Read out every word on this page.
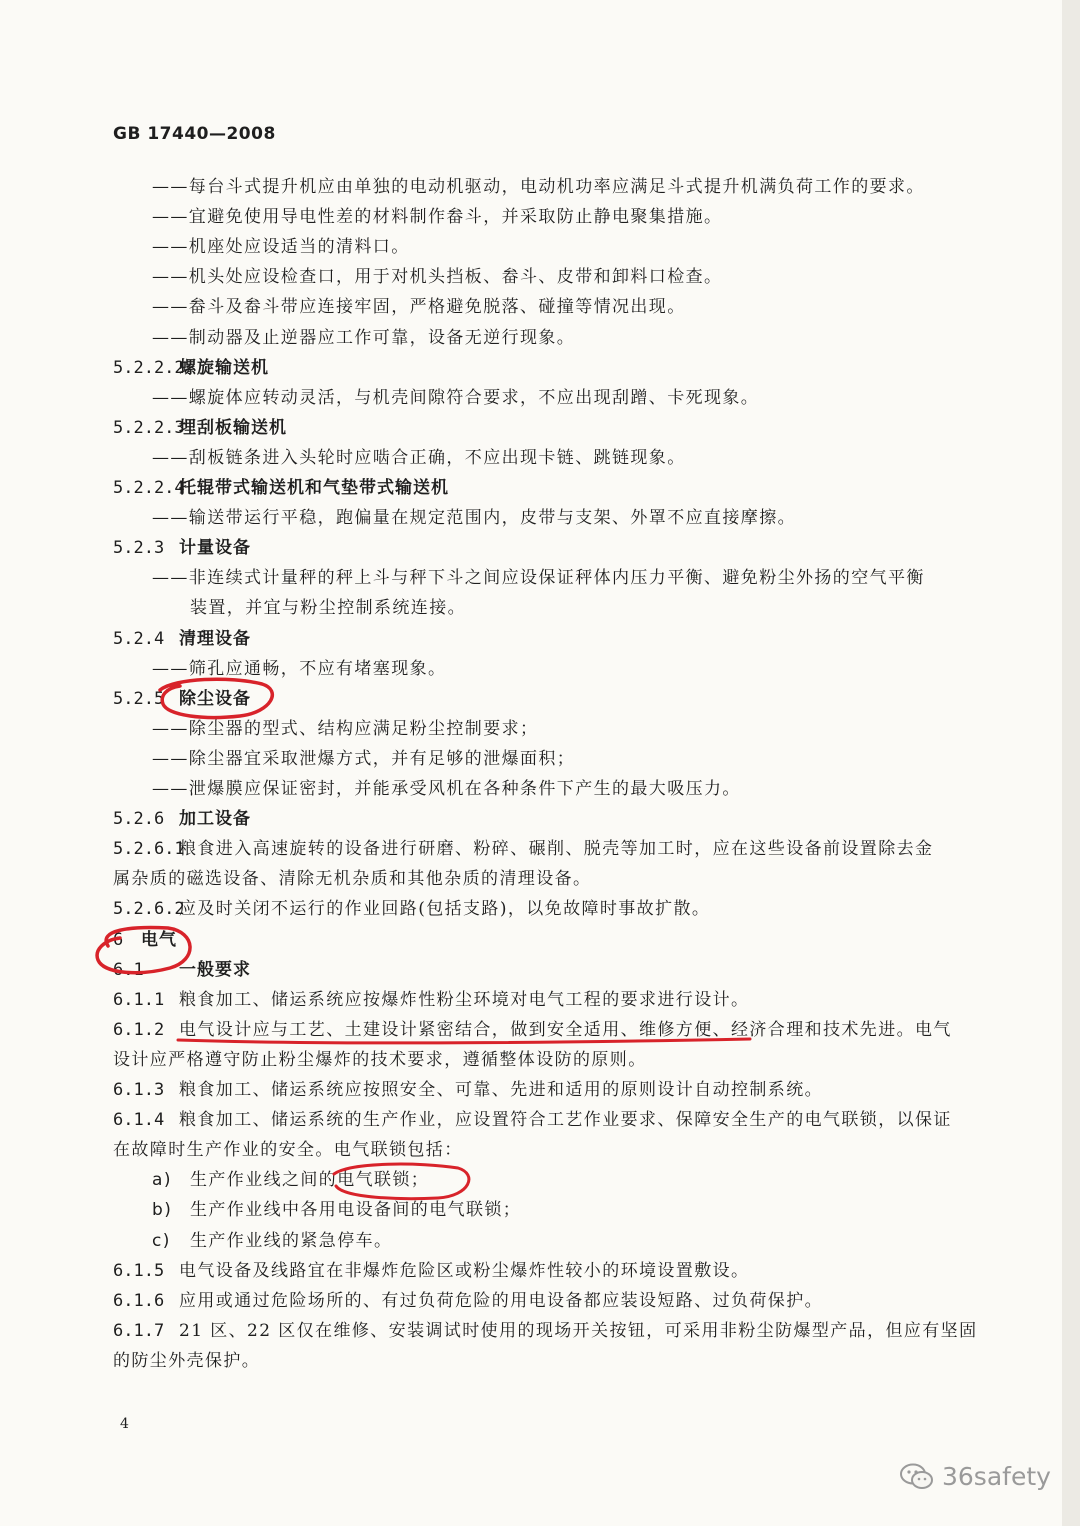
GB 17440—2008
——每台斗式提升机应由单独的电动机驱动，电动机功率应满足斗式提升机满负荷工作的要求。
——宜避免使用导电性差的材料制作畚斗，并采取防止静电聚集措施。
——机座处应设适当的清料口。
——机头处应设检查口，用于对机头挡板、畚斗、皮带和卸料口检查。
——畚斗及畚斗带应连接牢固，严格避免脱落、碰撞等情况出现。
——制动器及止逆器应工作可靠，设备无逆行现象。
5.2.2.2螺旋输送机
——螺旋体应转动灵活，与机壳间隙符合要求，不应出现刮蹭、卡死现象。
5.2.2.3埋刮板输送机
——刮板链条进入头轮时应啮合正确，不应出现卡链、跳链现象。
5.2.2.4托辊带式输送机和气垫带式输送机
——输送带运行平稳，跑偏量在规定范围内，皮带与支架、外罩不应直接摩擦。
5.2.3 计量设备
——非连续式计量秤的秤上斗与秤下斗之间应设保证秤体内压力平衡、避免粉尘外扬的空气平衡
装置，并宜与粉尘控制系统连接。
5.2.4 清理设备
——筛孔应通畅，不应有堵塞现象。
5.2.5 除尘设备
——除尘器的型式、结构应满足粉尘控制要求；
——除尘器宜采取泄爆方式，并有足够的泄爆面积；
——泄爆膜应保证密封，并能承受风机在各种条件下产生的最大吸压力。
5.2.6 加工设备
5.2.6.1粮食进入高速旋转的设备进行研磨、粉碎、碾削、脱壳等加工时，应在这些设备前设置除去金
属杂质的磁选设备、清除无机杂质和其他杂质的清理设备。
5.2.6.2应及时关闭不运行的作业回路(包括支路)，以免故障时事故扩散。
6 电气
6.1 一般要求
6.1.1 粮食加工、储运系统应按爆炸性粉尘环境对电气工程的要求进行设计。
6.1.2 电气设计应与工艺、土建设计紧密结合，做到安全适用、维修方便、经济合理和技术先进。电气
设计应严格遵守防止粉尘爆炸的技术要求，遵循整体设防的原则。
6.1.3 粮食加工、储运系统应按照安全、可靠、先进和适用的原则设计自动控制系统。
6.1.4 粮食加工、储运系统的生产作业，应设置符合工艺作业要求、保障安全生产的电气联锁，以保证
在故障时生产作业的安全。电气联锁包括：
a) 生产作业线之间的电气联锁；
b) 生产作业线中各用电设备间的电气联锁；
c) 生产作业线的紧急停车。
6.1.5 电气设备及线路宜在非爆炸危险区或粉尘爆炸性较小的环境设置敷设。
6.1.6 应用或通过危险场所的、有过负荷危险的用电设备都应装设短路、过负荷保护。
6.1.7 21 区、22 区仅在维修、安装调试时使用的现场开关按钮，可采用非粉尘防爆型产品，但应有坚固
的防尘外壳保护。
4
36safety
